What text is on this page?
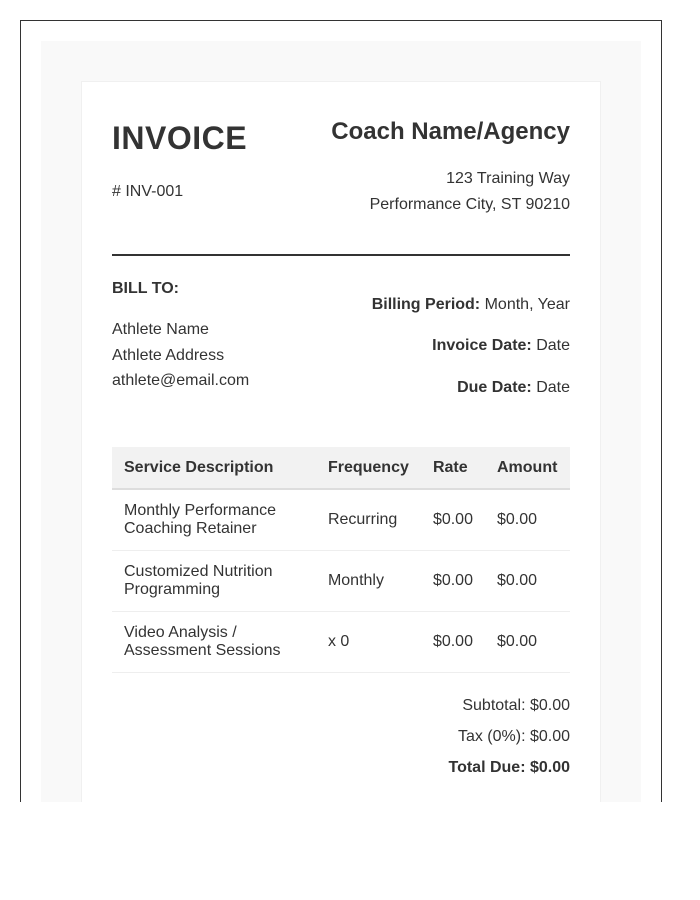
INVOICE
# INV-001
Coach Name/Agency
123 Training Way
Performance City, ST 90210
BILL TO:
Athlete Name
Athlete Address
athlete@email.com
Billing Period: Month, Year
Invoice Date: Date
Due Date: Date
Service Description	Frequency	Rate	Amount
Monthly Performance Coaching Retainer	Recurring	$0.00	$0.00
Customized Nutrition Programming	Monthly	$0.00	$0.00
Video Analysis / Assessment Sessions	x 0	$0.00	$0.00
Subtotal: $0.00
Tax (0%): $0.00
Total Due: $0.00
